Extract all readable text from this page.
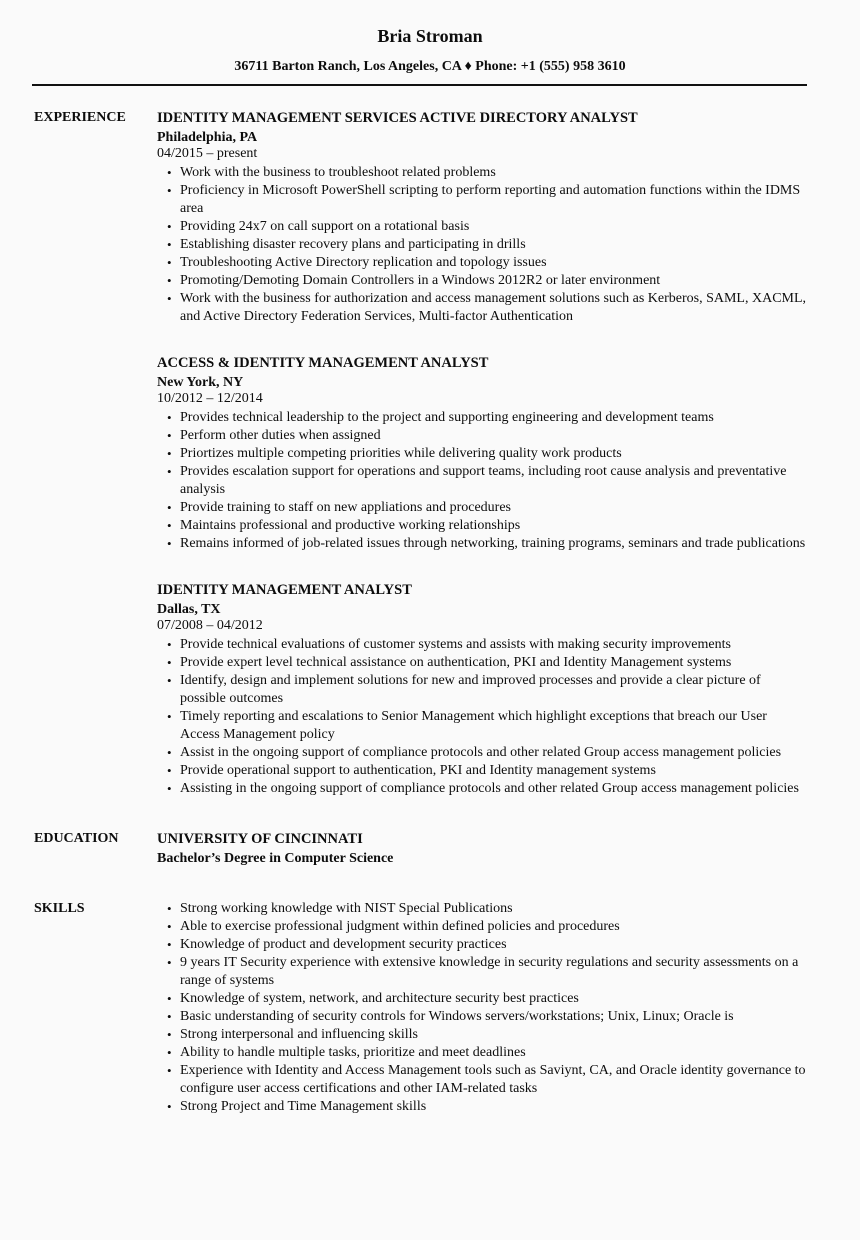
Bria Stroman
36711 Barton Ranch, Los Angeles, CA ♦ Phone: +1 (555) 958 3610
EXPERIENCE	IDENTITY MANAGEMENT SERVICES ACTIVE DIRECTORY ANALYST
Philadelphia, PA
04/2015 – present
• Work with the business to troubleshoot related problems
• Proficiency in Microsoft PowerShell scripting to perform reporting and automation functions within the IDMS area
• Providing 24x7 on call support on a rotational basis
• Establishing disaster recovery plans and participating in drills
• Troubleshooting Active Directory replication and topology issues
• Promoting/Demoting Domain Controllers in a Windows 2012R2 or later environment
• Work with the business for authorization and access management solutions such as Kerberos, SAML, XACML, and Active Directory Federation Services, Multi-factor Authentication
ACCESS & IDENTITY MANAGEMENT ANALYST
New York, NY
10/2012 – 12/2014
• Provides technical leadership to the project and supporting engineering and development teams
• Perform other duties when assigned
• Priortizes multiple competing priorities while delivering quality work products
• Provides escalation support for operations and support teams, including root cause analysis and preventative analysis
• Provide training to staff on new appliations and procedures
• Maintains professional and productive working relationships
• Remains informed of job-related issues through networking, training programs, seminars and trade publications
IDENTITY MANAGEMENT ANALYST
Dallas, TX
07/2008 – 04/2012
• Provide technical evaluations of customer systems and assists with making security improvements
• Provide expert level technical assistance on authentication, PKI and Identity Management systems
• Identify, design and implement solutions for new and improved processes and provide a clear picture of possible outcomes
• Timely reporting and escalations to Senior Management which highlight exceptions that breach our User Access Management policy
• Assist in the ongoing support of compliance protocols and other related Group access management policies
• Provide operational support to authentication, PKI and Identity management systems
• Assisting in the ongoing support of compliance protocols and other related Group access management policies
EDUCATION	UNIVERSITY OF CINCINNATI
Bachelor’s Degree in Computer Science
SKILLS	• Strong working knowledge with NIST Special Publications
• Able to exercise professional judgment within defined policies and procedures
• Knowledge of product and development security practices
• 9 years IT Security experience with extensive knowledge in security regulations and security assessments on a range of systems
• Knowledge of system, network, and architecture security best practices
• Basic understanding of security controls for Windows servers/workstations; Unix, Linux; Oracle is
• Strong interpersonal and influencing skills
• Ability to handle multiple tasks, prioritize and meet deadlines
• Experience with Identity and Access Management tools such as Saviynt, CA, and Oracle identity governance to configure user access certifications and other IAM-related tasks
• Strong Project and Time Management skills
